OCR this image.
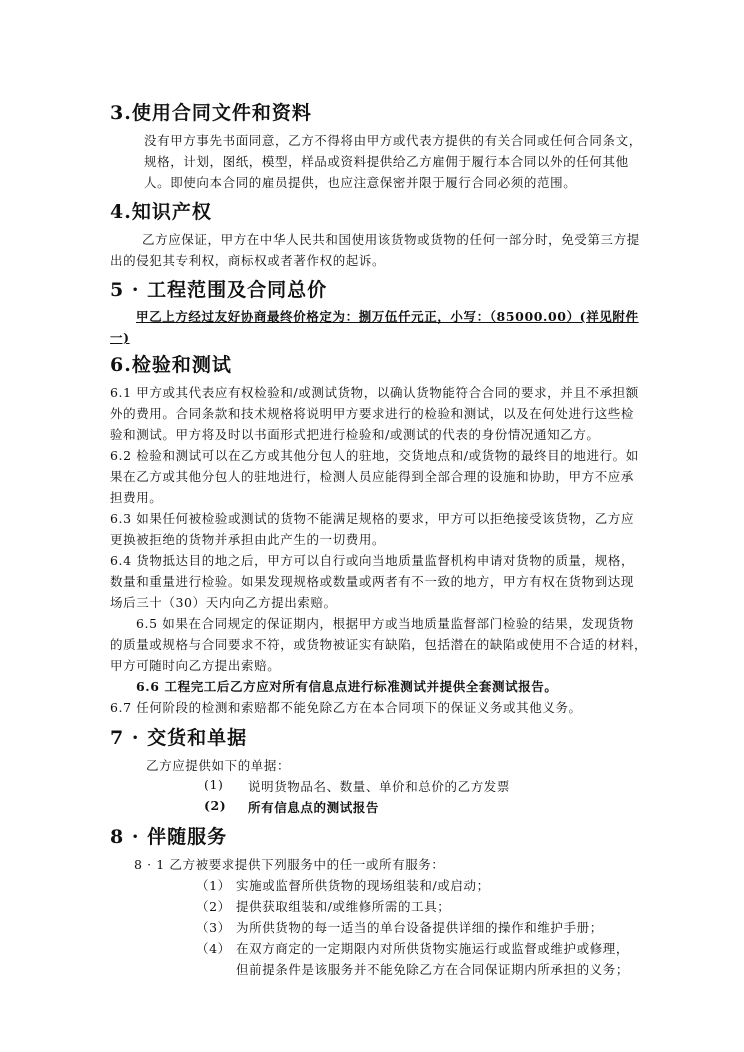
3.使用合同文件和资料
没有甲方事先书面同意，乙方不得将由甲方或代表方提供的有关合同或任何合同条文，
规格，计划，图纸，模型，样品或资料提供给乙方雇佣于履行本合同以外的任何其他
人。即使向本合同的雇员提供，也应注意保密并限于履行合同必须的范围。
4.知识产权
乙方应保证，甲方在中华人民共和国使用该货物或货物的任何一部分时，免受第三方提
出的侵犯其专利权，商标权或者著作权的起诉。
5 · 工程范围及合同总价
甲乙上方经过友好协商最终价格定为：捌万伍仟元正，小写：（85000.00）(祥见附件
一)
6.检验和测试
6.1 甲方或其代表应有权检验和/或测试货物，以确认货物能符合合同的要求，并且不承担额
外的费用。合同条款和技术规格将说明甲方要求进行的检验和测试，以及在何处进行这些检
验和测试。甲方将及时以书面形式把进行检验和/或测试的代表的身份情况通知乙方。
6.2 检验和测试可以在乙方或其他分包人的驻地，交货地点和/或货物的最终目的地进行。如
果在乙方或其他分包人的驻地进行，检测人员应能得到全部合理的设施和协助，甲方不应承
担费用。
6.3 如果任何被检验或测试的货物不能满足规格的要求，甲方可以拒绝接受该货物，乙方应
更换被拒绝的货物并承担由此产生的一切费用。
6.4 货物抵达目的地之后，甲方可以自行或向当地质量监督机构申请对货物的质量，规格，
数量和重量进行检验。如果发现规格或数量或两者有不一致的地方，甲方有权在货物到达现
场后三十（30）天内向乙方提出索赔。
6.5 如果在合同规定的保证期内，根据甲方或当地质量监督部门检验的结果，发现货物
的质量或规格与合同要求不符，或货物被证实有缺陷，包括潜在的缺陷或使用不合适的材料，
甲方可随时向乙方提出索赔。
6.6 工程完工后乙方应对所有信息点进行标准测试并提供全套测试报告。
6.7 任何阶段的检测和索赔都不能免除乙方在本合同项下的保证义务或其他义务。
7 · 交货和单据
乙方应提供如下的单据：
(1) 说明货物品名、数量、单价和总价的乙方发票
(2) 所有信息点的测试报告
8 · 伴随服务
8 · 1 乙方被要求提供下列服务中的任一或所有服务：
（1） 实施或监督所供货物的现场组装和/或启动；
（2） 提供获取组装和/或维修所需的工具；
（3） 为所供货物的每一适当的单台设备提供详细的操作和维护手册；
（4） 在双方商定的一定期限内对所供货物实施运行或监督或维护或修理，
但前提条件是该服务并不能免除乙方在合同保证期内所承担的义务；
